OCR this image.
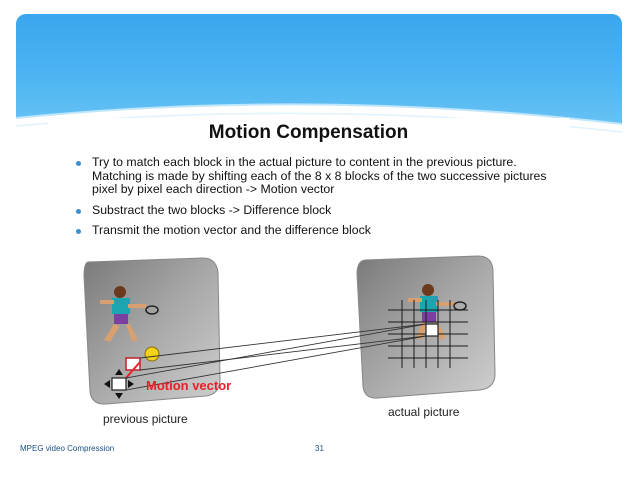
Motion Compensation
Try to match each block in the actual picture to content in the previous picture. Matching is made by shifting each of the 8 x 8 blocks of the two successive pictures pixel by pixel each direction -> Motion vector
Substract the two blocks -> Difference block
Transmit the motion vector and the difference block
Motion vector
previous picture	actual picture
MPEG video Compression	31
